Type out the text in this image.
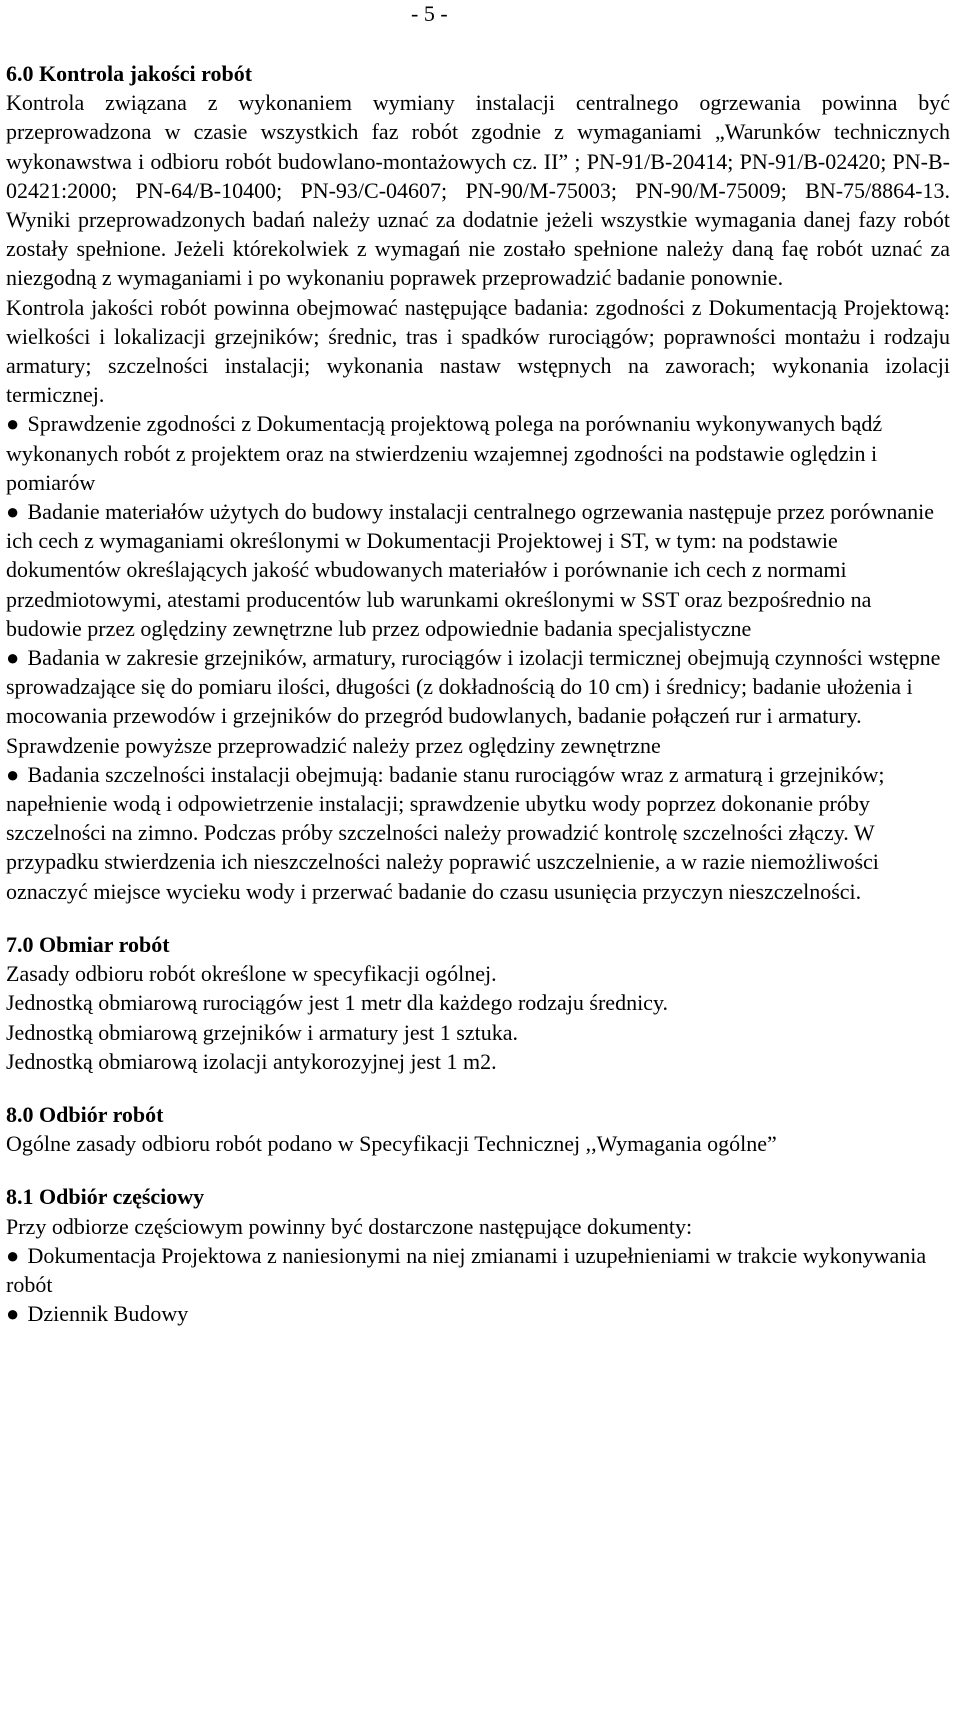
- 5 -

6.0 Kontrola jakości robót

Kontrola związana z wykonaniem wymiany instalacji centralnego ogrzewania powinna być przeprowadzona w czasie wszystkich faz robót zgodnie z wymaganiami „Warunków technicznych wykonawstwa i odbioru robót budowlano-montażowych cz. II” ; PN-91/B-20414; PN-91/B-02420; PN-B-02421:2000; PN-64/B-10400; PN-93/C-04607; PN-90/M-75003; PN-90/M-75009; BN-75/8864-13. Wyniki przeprowadzonych badań należy uznać za dodatnie jeżeli wszystkie wymagania danej fazy robót zostały spełnione. Jeżeli którekolwiek z wymagań nie zostało spełnione należy daną faę robót uznać za niezgodną z wymaganiami i po wykonaniu poprawek przeprowadzić badanie ponownie.

Kontrola jakości robót powinna obejmować następujące badania: zgodności z Dokumentacją Projektową: wielkości i lokalizacji grzejników; średnic, tras i spadków rurociągów; poprawności montażu i rodzaju armatury; szczelności instalacji; wykonania nastaw wstępnych na zaworach; wykonania izolacji termicznej.

● Sprawdzenie zgodności z Dokumentacją projektową polega na porównaniu wykonywanych bądź wykonanych robót z projektem oraz na stwierdzeniu wzajemnej zgodności na podstawie oględzin i pomiarów

● Badanie materiałów użytych do budowy instalacji centralnego ogrzewania następuje przez porównanie ich cech z wymaganiami określonymi w Dokumentacji Projektowej i ST, w tym: na podstawie dokumentów określających jakość wbudowanych materiałów i porównanie ich cech z normami przedmiotowymi, atestami producentów lub warunkami określonymi w SST oraz bezpośrednio na budowie przez oględziny zewnętrzne lub przez odpowiednie badania specjalistyczne

● Badania w zakresie grzejników, armatury, rurociągów i izolacji termicznej obejmują czynności wstępne sprowadzające się do pomiaru ilości, długości (z dokładnością do 10 cm) i średnicy; badanie ułożenia i mocowania przewodów i grzejników do przegród budowlanych, badanie połączeń rur i armatury. Sprawdzenie powyższe przeprowadzić należy przez oględziny zewnętrzne

● Badania szczelności instalacji obejmują: badanie stanu rurociągów wraz z armaturą i grzejników; napełnienie wodą i odpowietrzenie instalacji; sprawdzenie ubytku wody poprzez dokonanie próby szczelności na zimno. Podczas próby szczelności należy prowadzić kontrolę szczelności złączy. W przypadku stwierdzenia ich nieszczelności należy poprawić uszczelnienie, a w razie niemożliwości oznaczyć miejsce wycieku wody i przerwać badanie do czasu usunięcia przyczyn nieszczelności.

7.0 Obmiar robót

Zasady odbioru robót określone w specyfikacji ogólnej.

Jednostką obmiarową rurociągów jest 1 metr dla każdego rodzaju średnicy.

Jednostką obmiarową grzejników i armatury jest 1 sztuka.

Jednostką obmiarową izolacji antykorozyjnej jest 1 m2.

8.0 Odbiór robót

Ogólne zasady odbioru robót podano w Specyfikacji Technicznej ,,Wymagania ogólne”

8.1 Odbiór częściowy

Przy odbiorze częściowym powinny być dostarczone następujące dokumenty:

● Dokumentacja Projektowa z naniesionymi na niej zmianami i uzupełnieniami w trakcie wykonywania robót

● Dziennik Budowy
